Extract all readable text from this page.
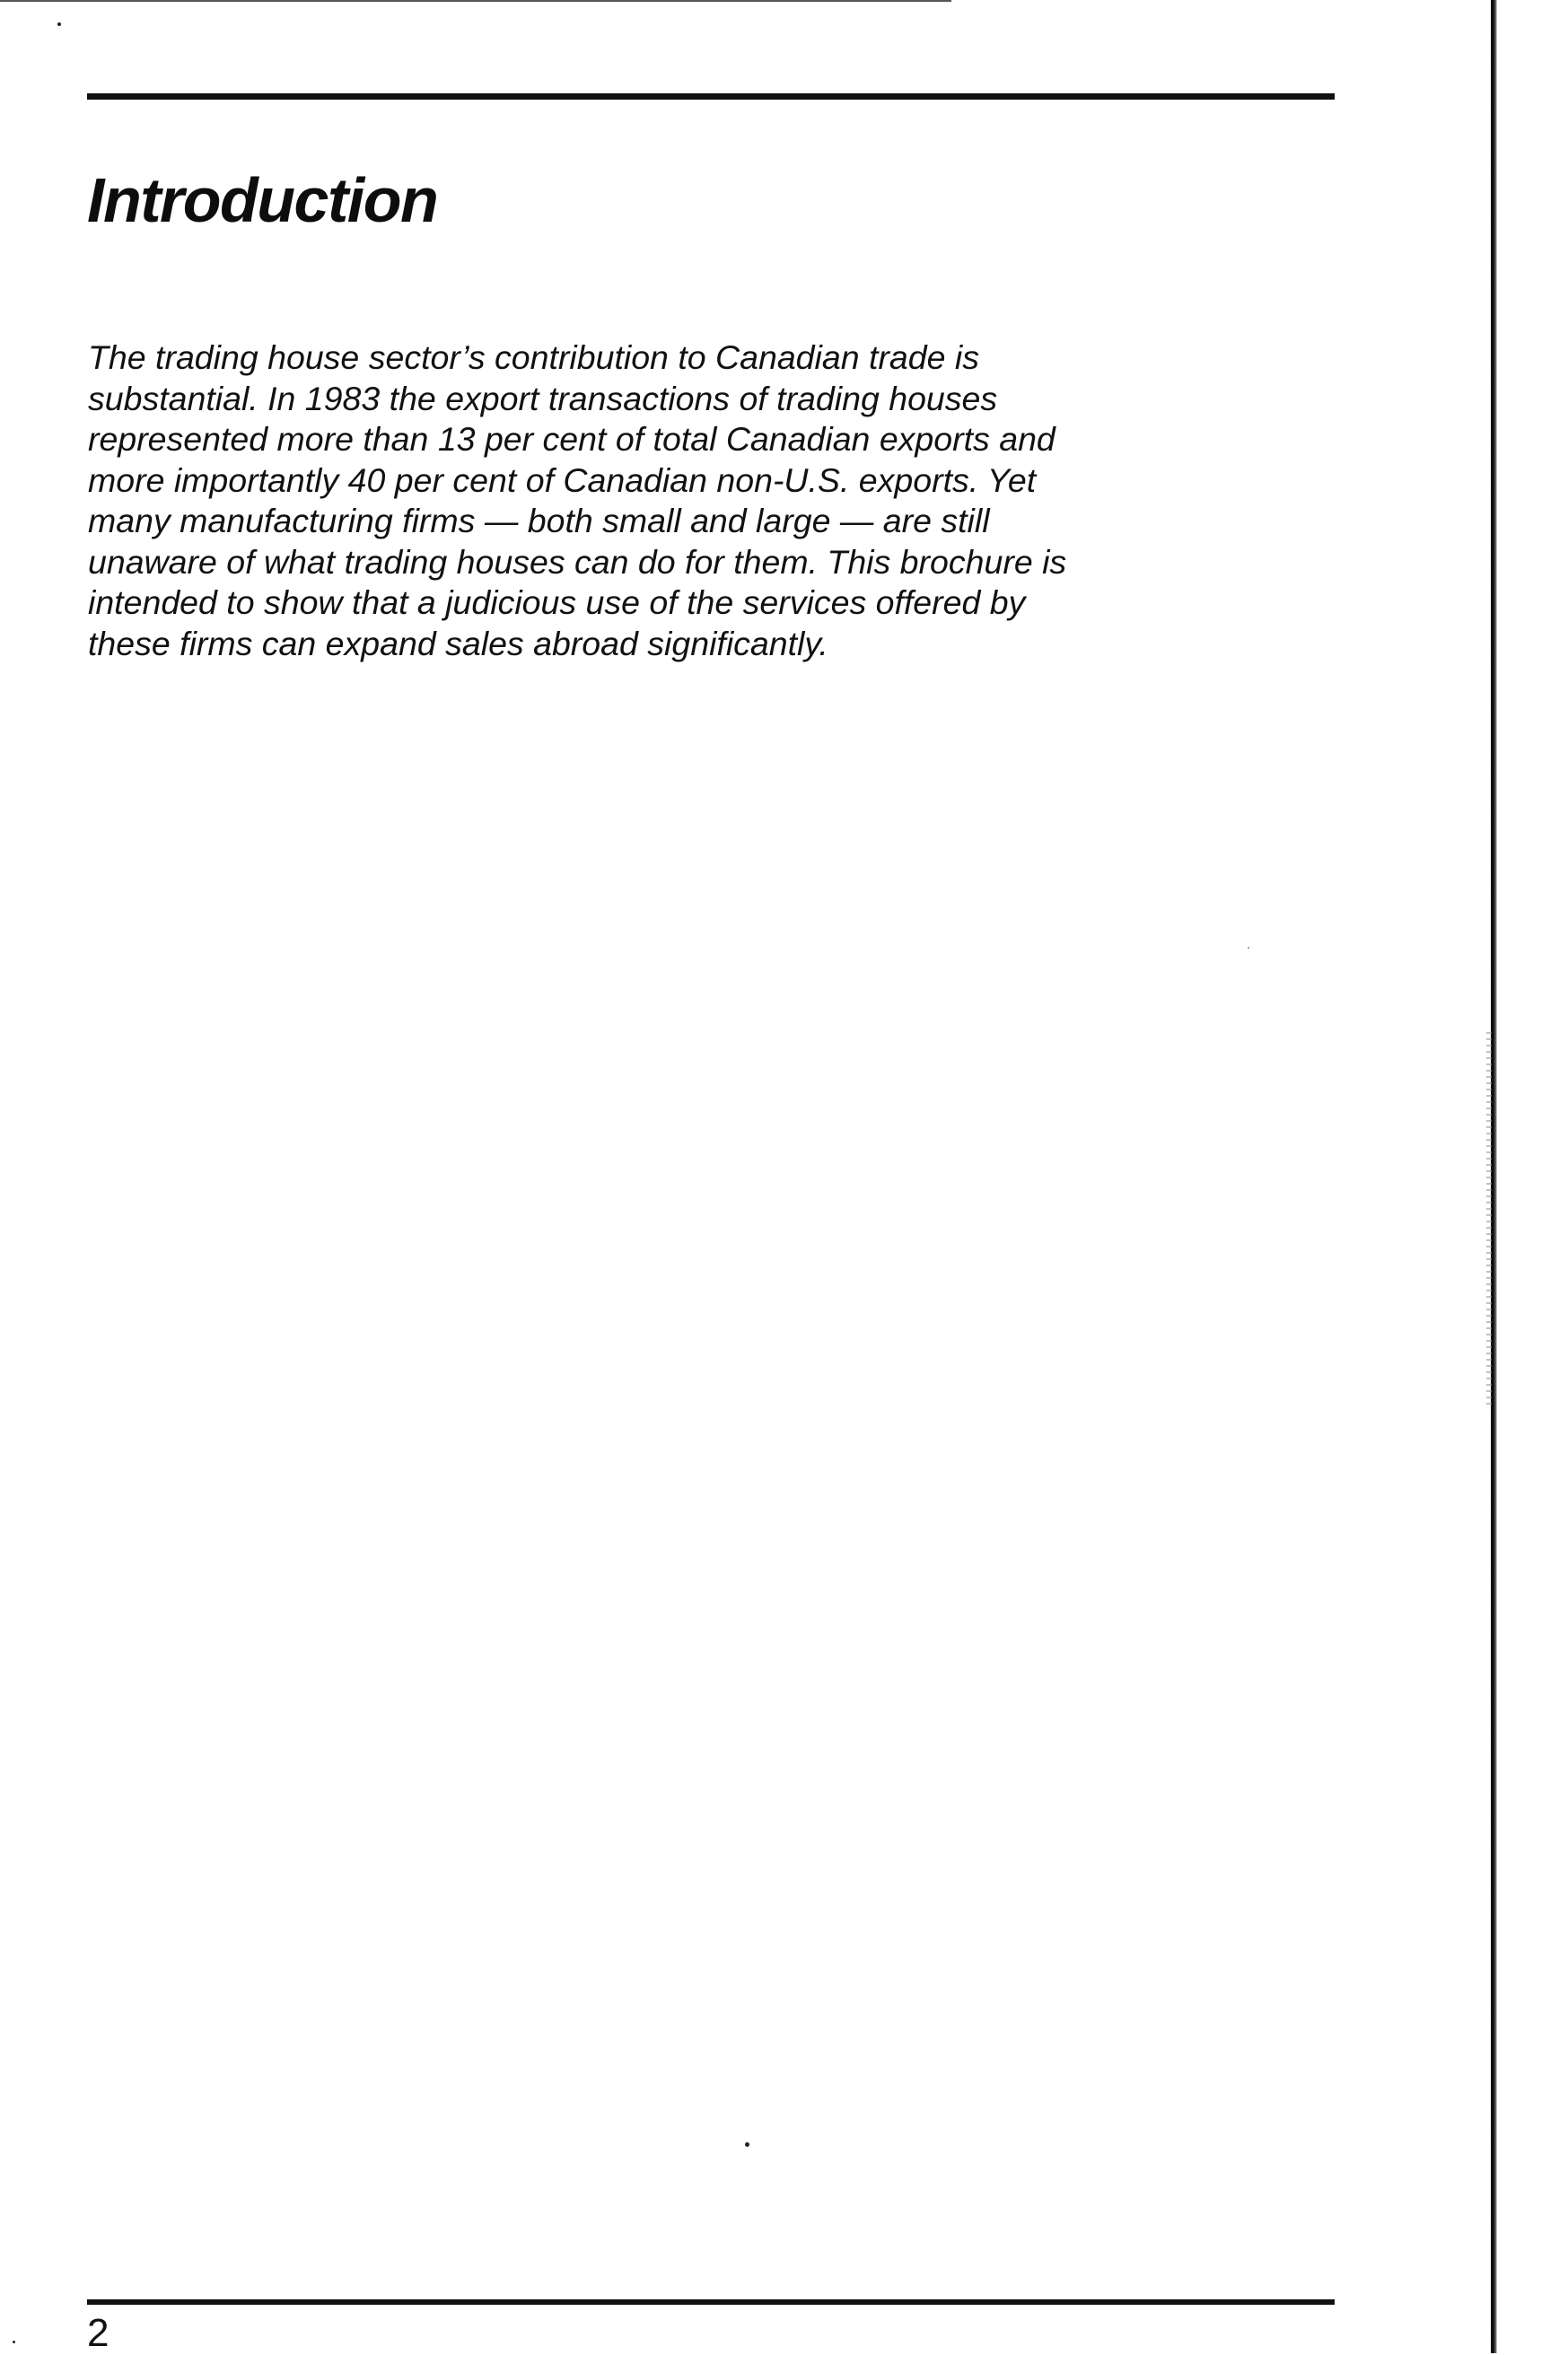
Introduction

The trading house sector’s contribution to Canadian trade is
substantial. In 1983 the export transactions of trading houses
represented more than 13 per cent of total Canadian exports and
more importantly 40 per cent of Canadian non-U.S. exports. Yet
many manufacturing firms — both small and large — are still
unaware of what trading houses can do for them. This brochure is
intended to show that a judicious use of the services offered by
these firms can expand sales abroad significantly.

2
